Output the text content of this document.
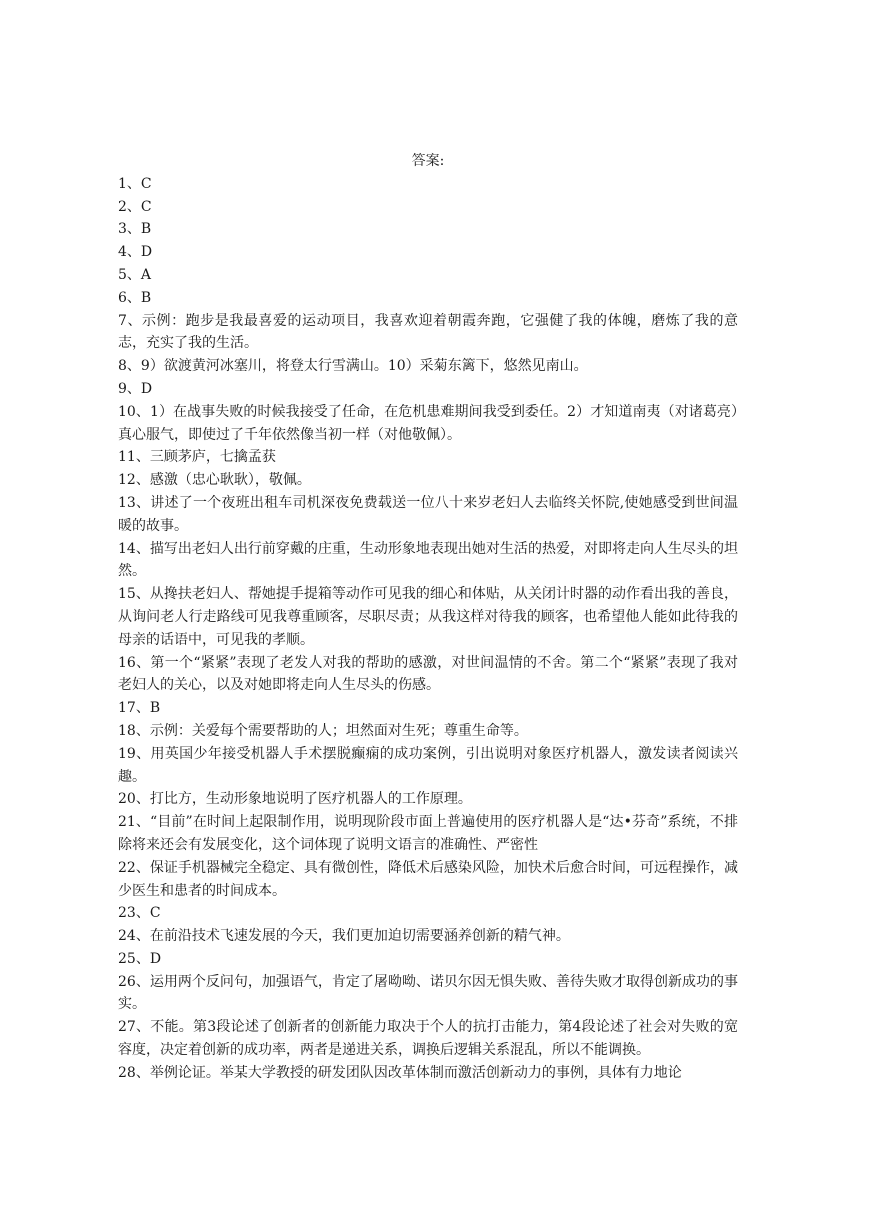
答案:

1、C

2、C

3、B

4、D

5、A

6、B

7、示例：跑步是我最喜爱的运动项目，我喜欢迎着朝霞奔跑，它强健了我的体魄，磨炼了我的意志，充实了我的生活。

8、9）欲渡黄河冰塞川，将登太行雪满山。10）采菊东篱下，悠然见南山。

9、D

10、1）在战事失败的时候我接受了任命，在危机患难期间我受到委任。2）才知道南夷（对诸葛亮）真心服气，即使过了千年依然像当初一样（对他敬佩）。

11、三顾茅庐，七擒孟获

12、感激（忠心耿耿），敬佩。

13、讲述了一个夜班出租车司机深夜免费载送一位八十来岁老妇人去临终关怀院,使她感受到世间温暖的故事。

14、描写出老妇人出行前穿戴的庄重，生动形象地表现出她对生活的热爱，对即将走向人生尽头的坦然。

15、从搀扶老妇人、帮她提手提箱等动作可见我的细心和体贴，从关闭计时器的动作看出我的善良，从询问老人行走路线可见我尊重顾客，尽职尽责；从我这样对待我的顾客，也希望他人能如此待我的母亲的话语中，可见我的孝顺。

16、第一个“紧紧”表现了老发人对我的帮助的感激，对世间温情的不舍。第二个“紧紧”表现了我对老妇人的关心，以及对她即将走向人生尽头的伤感。

17、B

18、示例：关爱每个需要帮助的人；坦然面对生死；尊重生命等。

19、用英国少年接受机器人手术摆脱癫痫的成功案例，引出说明对象医疗机器人，激发读者阅读兴趣。

20、打比方，生动形象地说明了医疗机器人的工作原理。

21、“目前”在时间上起限制作用，说明现阶段市面上普遍使用的医疗机器人是“达•芬奇”系统，不排除将来还会有发展变化，这个词体现了说明文语言的准确性、严密性

22、保证手机器械完全稳定、具有微创性，降低术后感染风险，加快术后愈合时间，可远程操作，减少医生和患者的时间成本。

23、C

24、在前沿技术飞速发展的今天，我们更加迫切需要涵养创新的精气神。

25、D

26、运用两个反问句，加强语气，肯定了屠呦呦、诺贝尔因无惧失败、善待失败才取得创新成功的事实。

27、不能。第3段论述了创新者的创新能力取决于个人的抗打击能力，第4段论述了社会对失败的宽容度，决定着创新的成功率，两者是递进关系，调换后逻辑关系混乱，所以不能调换。

28、举例论证。举某大学教授的研发团队因改革体制而激活创新动力的事例，具体有力地论
